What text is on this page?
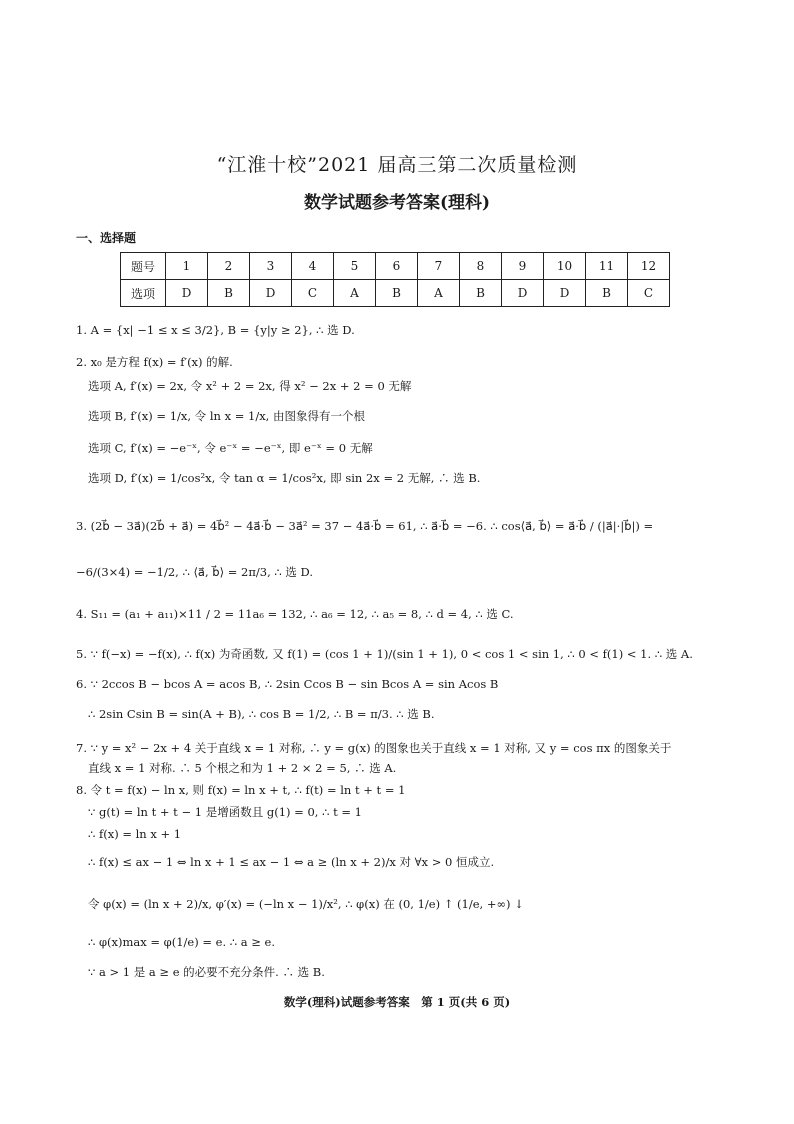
“江淮十校”2021 届高三第二次质量检测
数学试题参考答案(理科)
一、选择题
题号	1	2	3	4	5	6	7	8	9	10	11	12
选项	D	B	D	C	A	B	A	B	D	D	B	C
1. A = {x| −1 ≤ x ≤ 3/2}, B = {y|y ≥ 2}, ∴ 选 D.
2. x₀ 是方程 f(x) = f′(x) 的解.
选项 A, f′(x) = 2x, 令 x² + 2 = 2x, 得 x² − 2x + 2 = 0 无解
选项 B, f′(x) = 1/x, 令 ln x = 1/x, 由图象得有一个根
选项 C, f′(x) = −e⁻ˣ, 令 e⁻ˣ = −e⁻ˣ, 即 e⁻ˣ = 0 无解
选项 D, f′(x) = 1/cos²x, 令 tan α = 1/cos²x, 即 sin 2x = 2 无解, ∴ 选 B.
3. (2b⃗ − 3a⃗)(2b⃗ + a⃗) = 4b⃗² − 4a⃗·b⃗ − 3a⃗² = 37 − 4a⃗·b⃗ = 61, ∴ a⃗·b⃗ = −6. ∴ cos⟨a⃗, b⃗⟩ = a⃗·b⃗ / (|a⃗|·|b⃗|) =
−6/(3×4) = −1/2, ∴ ⟨a⃗, b⃗⟩ = 2π/3, ∴ 选 D.
4. S₁₁ = (a₁ + a₁₁)×11 / 2 = 11a₆ = 132, ∴ a₆ = 12, ∴ a₅ = 8, ∴ d = 4, ∴ 选 C.
5. ∵ f(−x) = −f(x), ∴ f(x) 为奇函数, 又 f(1) = (cos 1 + 1)/(sin 1 + 1), 0 < cos 1 < sin 1, ∴ 0 < f(1) < 1. ∴ 选 A.
6. ∵ 2ccos B − bcos A = acos B, ∴ 2sin Ccos B − sin Bcos A = sin Acos B
∴ 2sin Csin B = sin(A + B), ∴ cos B = 1/2, ∴ B = π/3. ∴ 选 B.
7. ∵ y = x² − 2x + 4 关于直线 x = 1 对称, ∴ y = g(x) 的图象也关于直线 x = 1 对称, 又 y = cos πx 的图象关于
直线 x = 1 对称. ∴ 5 个根之和为 1 + 2 × 2 = 5, ∴ 选 A.
8. 令 t = f(x) − ln x, 则 f(x) = ln x + t, ∴ f(t) = ln t + t = 1
∵ g(t) = ln t + t − 1 是增函数且 g(1) = 0, ∴ t = 1
∴ f(x) = ln x + 1
∴ f(x) ≤ ax − 1 ⇔ ln x + 1 ≤ ax − 1 ⇔ a ≥ (ln x + 2)/x 对 ∀x > 0 恒成立.
令 φ(x) = (ln x + 2)/x, φ′(x) = (−ln x − 1)/x², ∴ φ(x) 在 (0, 1/e) ↑ (1/e, +∞) ↓
∴ φ(x)max = φ(1/e) = e. ∴ a ≥ e.
∵ a > 1 是 a ≥ e 的必要不充分条件. ∴ 选 B.
数学(理科)试题参考答案　第 1 页(共 6 页)
